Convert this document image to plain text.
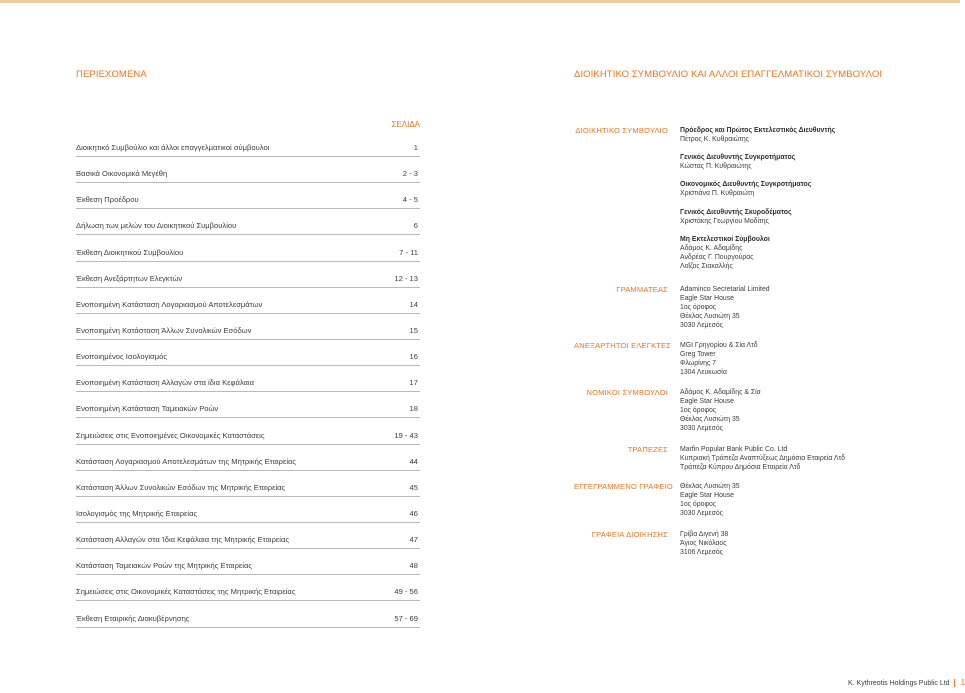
ΠΕΡΙΕΧΟΜΕΝΑ	ΔΙΟΙΚΗΤΙΚΟ ΣΥΜΒΟΥΛΙΟ ΚΑΙ ΑΛΛΟΙ ΕΠΑΓΓΕΛΜΑΤΙΚΟΙ ΣΥΜΒΟΥΛΟΙ
ΣΕΛΙΔΑ
Διοικητικό Συμβούλιο και άλλοι επαγγελματικοί σύμβουλοι	1
Βασικά Οικονομικά Μεγέθη	2 - 3
Έκθεση Προέδρου	4 - 5
Δήλωση των μελών του Διοικητικού Συμβουλίου	6
Έκθεση Διοικητικού Συμβουλίου	7 - 11
Έκθεση Ανεξάρτητων Ελεγκτών	12 - 13
Ενοποιημένη Κατάσταση Λογαριασμού Αποτελεσμάτων	14
Ενοποιημένη Κατάσταση Άλλων Συνολικών Εσόδων	15
Ενοποιημένος Ισολογισμός	16
Ενοποιημένη Κατάσταση Αλλαγών στα ίδια Κεφάλαια	17
Ενοποιημένη Κατάσταση Ταμειακών Ροών	18
Σημειώσεις στις Ενοποιημένες Οικονομικές Καταστάσεις	19 - 43
Κατάσταση Λογαριασμού Αποτελεσμάτων της Μητρικής Εταιρείας	44
Κατάσταση Άλλων Συνολικών Εσόδων της Μητρικής Εταιρείας	45
Ισολογισμός της Μητρικής Εταιρείας	46
Κατάσταση Αλλαγών στα Ίδια Κεφάλαια της Μητρικής Εταιρείας	47
Κατάσταση Ταμειακών Ροών της Μητρικής Εταιρείας	48
Σημειώσεις στις Οικονομικές Καταστάσεις της Μητρικής Εταιρείας	49 - 56
Έκθεση Εταιρικής Διακυβέρνησης	57 - 69
ΔΙΟΙΚΗΤΙΚΟ ΣΥΜΒΟΥΛΙΟ	Πρόεδρος και Πρώτος Εκτελεστικός Διευθυντής
Πέτρος Κ. Κυθραιώτης
Γενικός Διευθυντής Συγκροτήματος
Κώστας Π. Κυθραιώτης
Οικονομικός Διευθυντής Συγκροτήματος
Χριστιάνα Π. Κυθραιώτη
Γενικός Διευθυντής Σκυροδέματος
Χριστάκης Γεωργίου Μοδίτης
Μη Εκτελεστικοί Σύμβουλοι
Αδάμος Κ. Αδαμίδης
Ανδρέας Γ. Πουργούρας
Λοΐζος Σιακαλλής
ΓΡΑΜΜΑΤΕΑΣ	Adaminco Secretarial Limited
Eagle Star House
1ος όροφος
Θέκλας Λυσιώτη 35
3030 Λεμεσός
ΑΝΕΞΑΡΤΗΤΟΙ ΕΛΕΓΚΤΕΣ	MGI Γρηγορίου & Σία Λτδ
Greg Tower
Φλωρίνης 7
1304 Λευκωσία
ΝΟΜΙΚΟΙ ΣΥΜΒΟΥΛΟΙ	Αδάμος Κ. Αδαμίδης & Σία
Eagle Star House
1ος όροφος
Θέκλας Λυσιώτη 35
3030 Λεμεσός
ΤΡΑΠΕΖΕΣ	Marfin Popular Bank Public Co. Ltd
Κυπριακή Τράπεζα Αναπτύξεως Δημόσια Εταιρεία Λτδ
Τράπεζα Κύπρου Δημόσια Εταιρεία Λτδ
ΕΓΓΕΓΡΑΜΜΕΝΟ ΓΡΑΦΕΙΟ	Θέκλας Λυσιώτη 35
Eagle Star House
1ος όροφος
3030 Λεμεσός
ΓΡΑΦΕΙΑ ΔΙΟΙΚΗΣΗΣ	Γρίβα Διγενή 38
Άγιος Νικόλαος
3106 Λεμεσός
K. Kythreotis Holdings Public Ltd 1
